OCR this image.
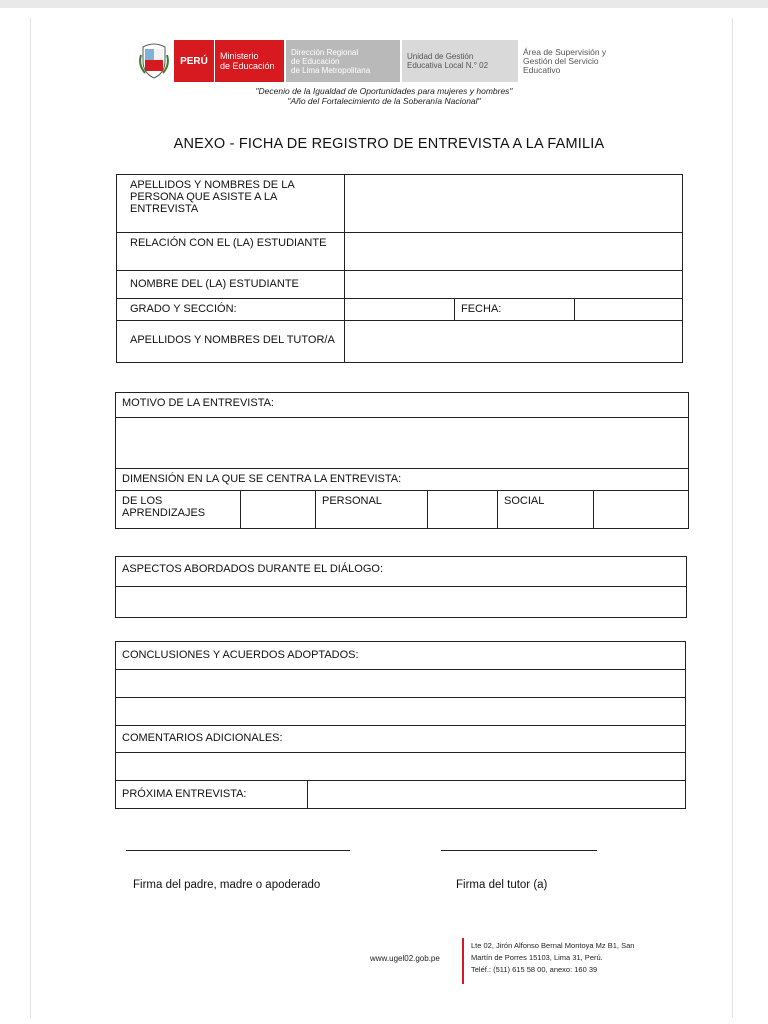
PERÚ Ministerio
de Educación
Dirección Regional
de Educación
de Lima Metropolitana
Unidad de Gestión
Educativa Local N.° 02
Área de Supervisión y
Gestión del Servicio
Educativo
"Decenio de la Igualdad de Oportunidades para mujeres y hombres"
"Año del Fortalecimiento de la Soberanía Nacional"
ANEXO - FICHA DE REGISTRO DE ENTREVISTA A LA FAMILIA
APELLIDOS Y NOMBRES DE LA PERSONA QUE ASISTE A LA ENTREVISTA			
RELACIÓN CON EL (LA) ESTUDIANTE			
NOMBRE DEL (LA) ESTUDIANTE			
GRADO Y SECCIÓN:		FECHA:	
APELLIDOS Y NOMBRES DEL TUTOR/A			
MOTIVO DE LA ENTREVISTA:

DIMENSIÓN EN LA QUE SE CENTRA LA ENTREVISTA:
DE LOS APRENDIZAJES		PERSONAL		SOCIAL	
ASPECTOS ABORDADOS DURANTE EL DIÁLOGO:

CONCLUSIONES Y ACUERDOS ADOPTADOS:

COMENTARIOS ADICIONALES:

PRÓXIMA ENTREVISTA:	
Firma del padre, madre o apoderado	Firma del tutor (a)
www.ugel02.gob.pe
Lte 02, Jirón Alfonso Bernal Montoya Mz B1, San
Martín de Porres 15103, Lima 31, Perú.
Teléf.: (511) 615 58 00, anexo: 160 39
